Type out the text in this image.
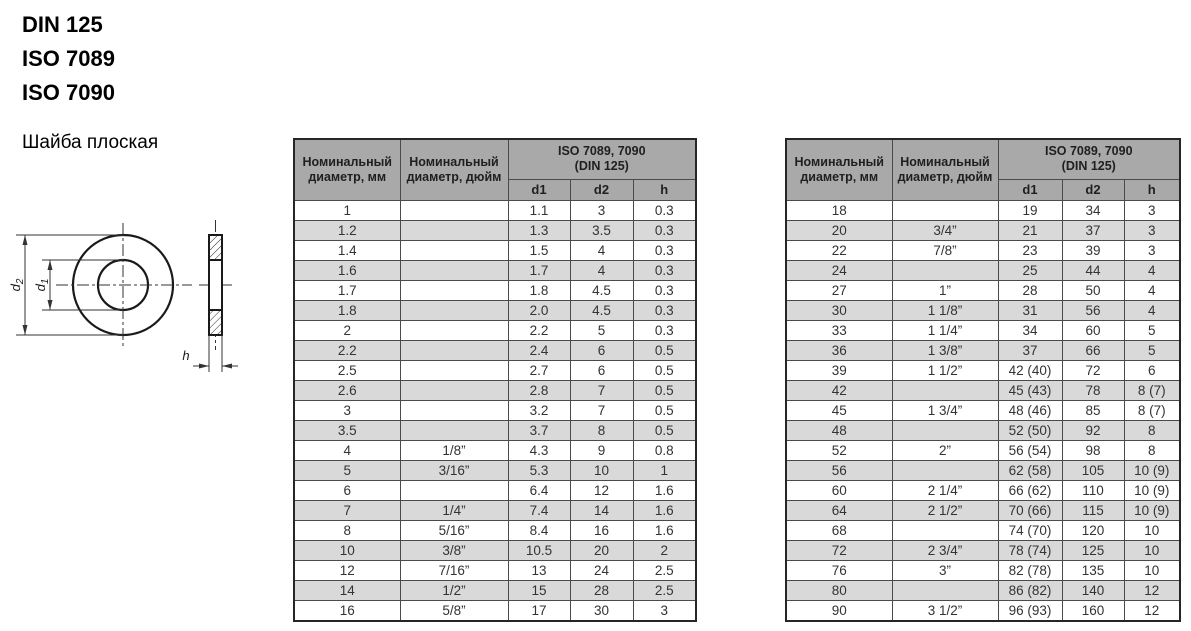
DIN 125
ISO 7089
ISO 7090
Шайба плоская
$d_2$
$d_1$
h
Номинальный диаметр, мм	Номинальный диаметр, дюйм	ISO 7089, 7090
(DIN 125)		

		d1	d2	h
1		1.1	3	0.3
1.2		1.3	3.5	0.3
1.4		1.5	4	0.3
1.6		1.7	4	0.3
1.7		1.8	4.5	0.3
1.8		2.0	4.5	0.3
2		2.2	5	0.3
2.2		2.4	6	0.5
2.5		2.7	6	0.5
2.6		2.8	7	0.5
3		3.2	7	0.5
3.5		3.7	8	0.5
4	1/8”	4.3	9	0.8
5	3/16”	5.3	10	1
6		6.4	12	1.6
7	1/4”	7.4	14	1.6
8	5/16”	8.4	16	1.6
10	3/8”	10.5	20	2
12	7/16”	13	24	2.5
14	1/2”	15	28	2.5
16	5/8”	17	30	3
Номинальный диаметр, мм	Номинальный диаметр, дюйм	ISO 7089, 7090
(DIN 125)		

		d1	d2	h
18		19	34	3
20	3/4”	21	37	3
22	7/8”	23	39	3
24		25	44	4
27	1”	28	50	4
30	1 1/8”	31	56	4
33	1 1/4”	34	60	5
36	1 3/8”	37	66	5
39	1 1/2”	42 (40)	72	6
42		45 (43)	78	8 (7)
45	1 3/4”	48 (46)	85	8 (7)
48		52 (50)	92	8
52	2”	56 (54)	98	8
56		62 (58)	105	10 (9)
60	2 1/4”	66 (62)	110	10 (9)
64	2 1/2”	70 (66)	115	10 (9)
68		74 (70)	120	10
72	2 3/4”	78 (74)	125	10
76	3”	82 (78)	135	10
80		86 (82)	140	12
90	3 1/2”	96 (93)	160	12
